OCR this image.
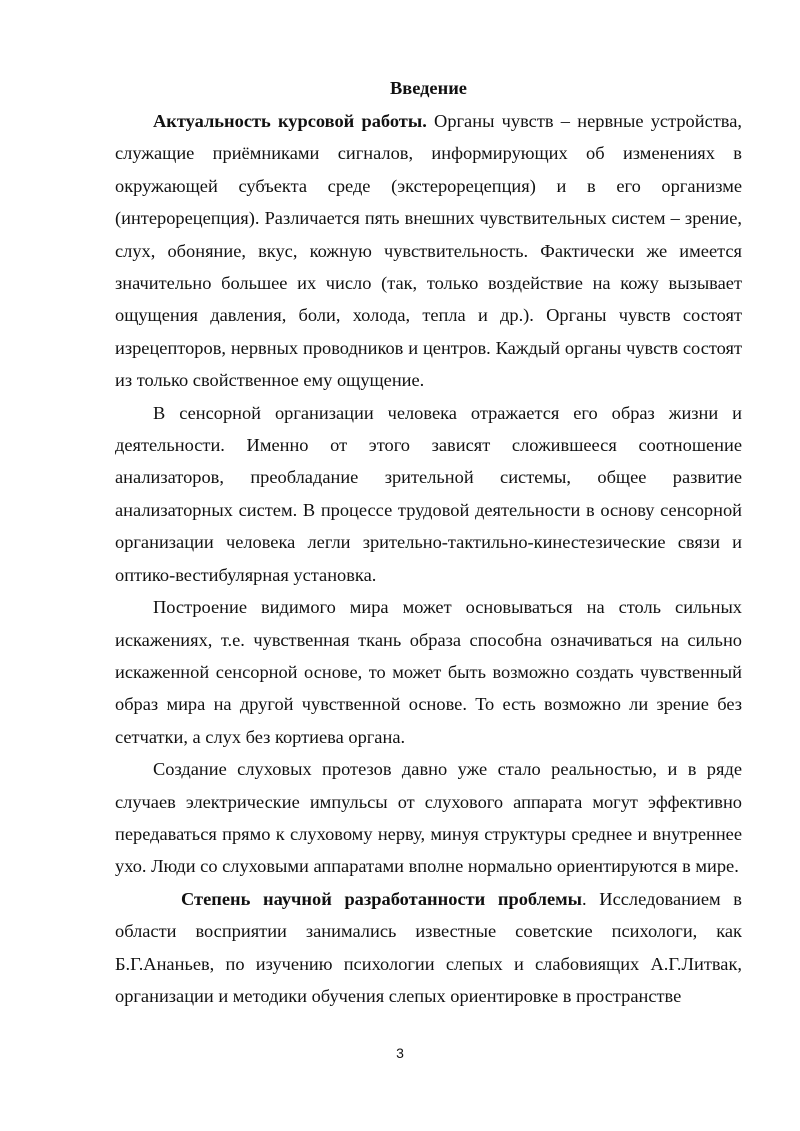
Введение

Актуальность курсовой работы. Органы чувств – нервные устройства, служащие приёмниками сигналов, информирующих об изменениях в окружающей субъекта среде (экстерорецепция) и в его организме (интерорецепция). Различается пять внешних чувствительных систем – зрение, слух, обоняние, вкус, кожную чувствительность. Фактически же имеется значительно большее их число (так, только воздействие на кожу вызывает ощущения давления, боли, холода, тепла и др.). Органы чувств состоят изрецепторов, нервных проводников и центров. Каждый органы чувств состоят из только свойственное ему ощущение.

В сенсорной организации человека отражается его образ жизни и деятельности. Именно от этого зависят сложившееся соотношение анализаторов, преобладание зрительной системы, общее развитие анализаторных систем. В процессе трудовой деятельности в основу сенсорной организации человека легли зрительно-тактильно-кинестезические связи и оптико-вестибулярная установка.

Построение видимого мира может основываться на столь сильных искажениях, т.е. чувственная ткань образа способна означиваться на сильно искаженной сенсорной основе, то может быть возможно создать чувственный образ мира на другой чувственной основе. То есть возможно ли зрение без сетчатки, а слух без кортиева органа.

Создание слуховых протезов давно уже стало реальностью, и в ряде случаев электрические импульсы от слухового аппарата могут эффективно передаваться прямо к слуховому нерву, минуя структуры среднее и внутреннее ухо. Люди со слуховыми аппаратами вполне нормально ориентируются в мире.

Степень научной разработанности проблемы. Исследованием в области восприятии занимались известные советские психологи, как Б.Г.Ананьев, по изучению психологии слепых и слабовиящих А.Г.Литвак, организации и методики обучения слепых ориентировке в пространстве

3
